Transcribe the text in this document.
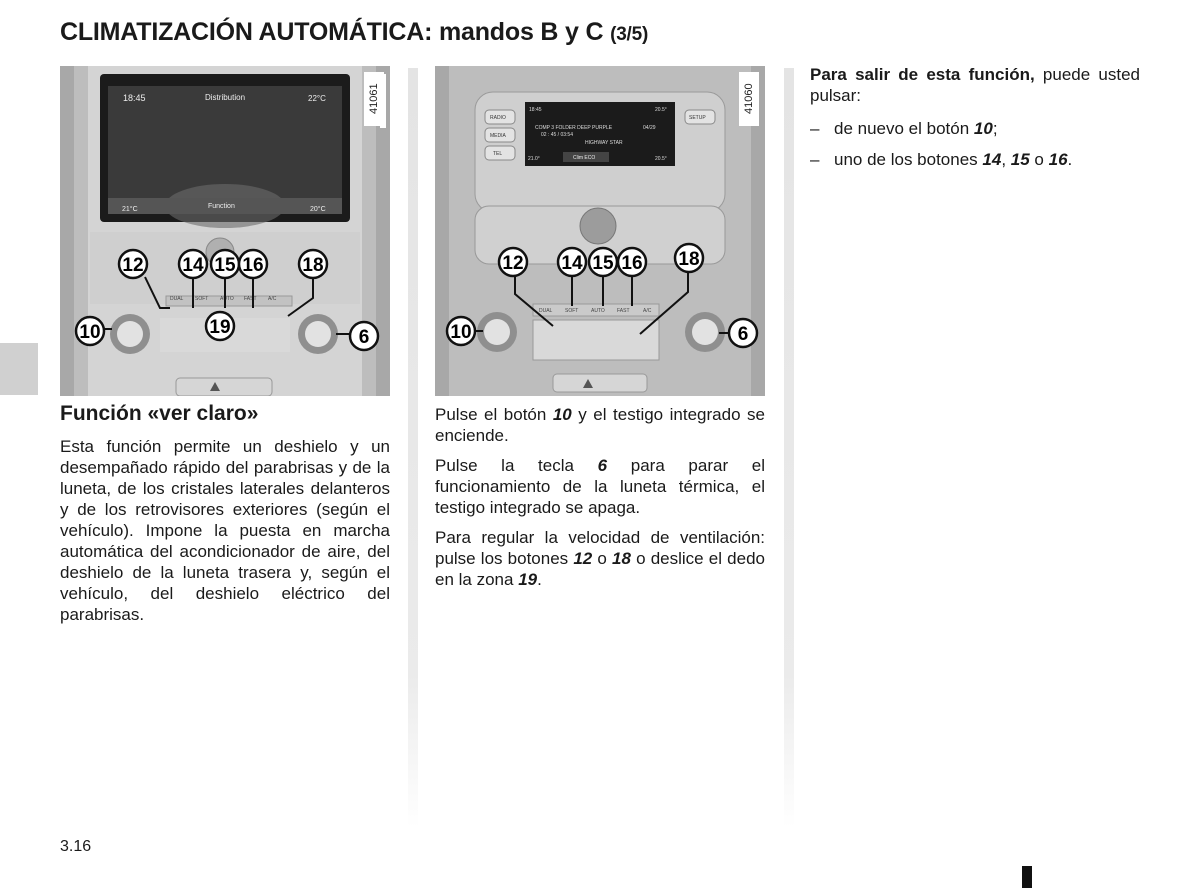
CLIMATIZACIÓN AUTOMÁTICA: mandos B y C (3/5)
18:45	Distribution	22°C
21°C	Function	20°C
DUAL SOFT AUTO FAST A/C
41061
12 14 15 16 18
10	19	6
18:45	20.5°
COMP 3 FOLDER DEEP PURPLE	04/29
02 : 45 / 03:54
HIGHWAY STAR
Clim ECO
21.0°	20.5°
RADIO
MEDIA
TEL
SETUP
DUAL	SOFT	AUTO FAST	A/C
41060
12 14 15 16 18
10	6
Función «ver claro»
Esta función permite un deshielo y un desempañado rápido del parabrisas y de la luneta, de los cristales laterales delanteros y de los retrovisores exteriores (según el vehículo). Impone la puesta en marcha automática del acondicionador de aire, del deshielo de la luneta trasera y, según el vehículo, del deshielo eléctrico del parabrisas.

Pulse el botón 10 y el testigo integrado se enciende.

Pulse la tecla 6 para parar el funcionamiento de la luneta térmica, el testigo integrado se apaga.

Para regular la velocidad de ventilación: pulse los botones 12 o 18 o deslice el dedo en la zona 19.

Para salir de esta función, puede usted pulsar:

– de nuevo el botón 10;
– uno de los botones 14, 15 o 16.
3.16
